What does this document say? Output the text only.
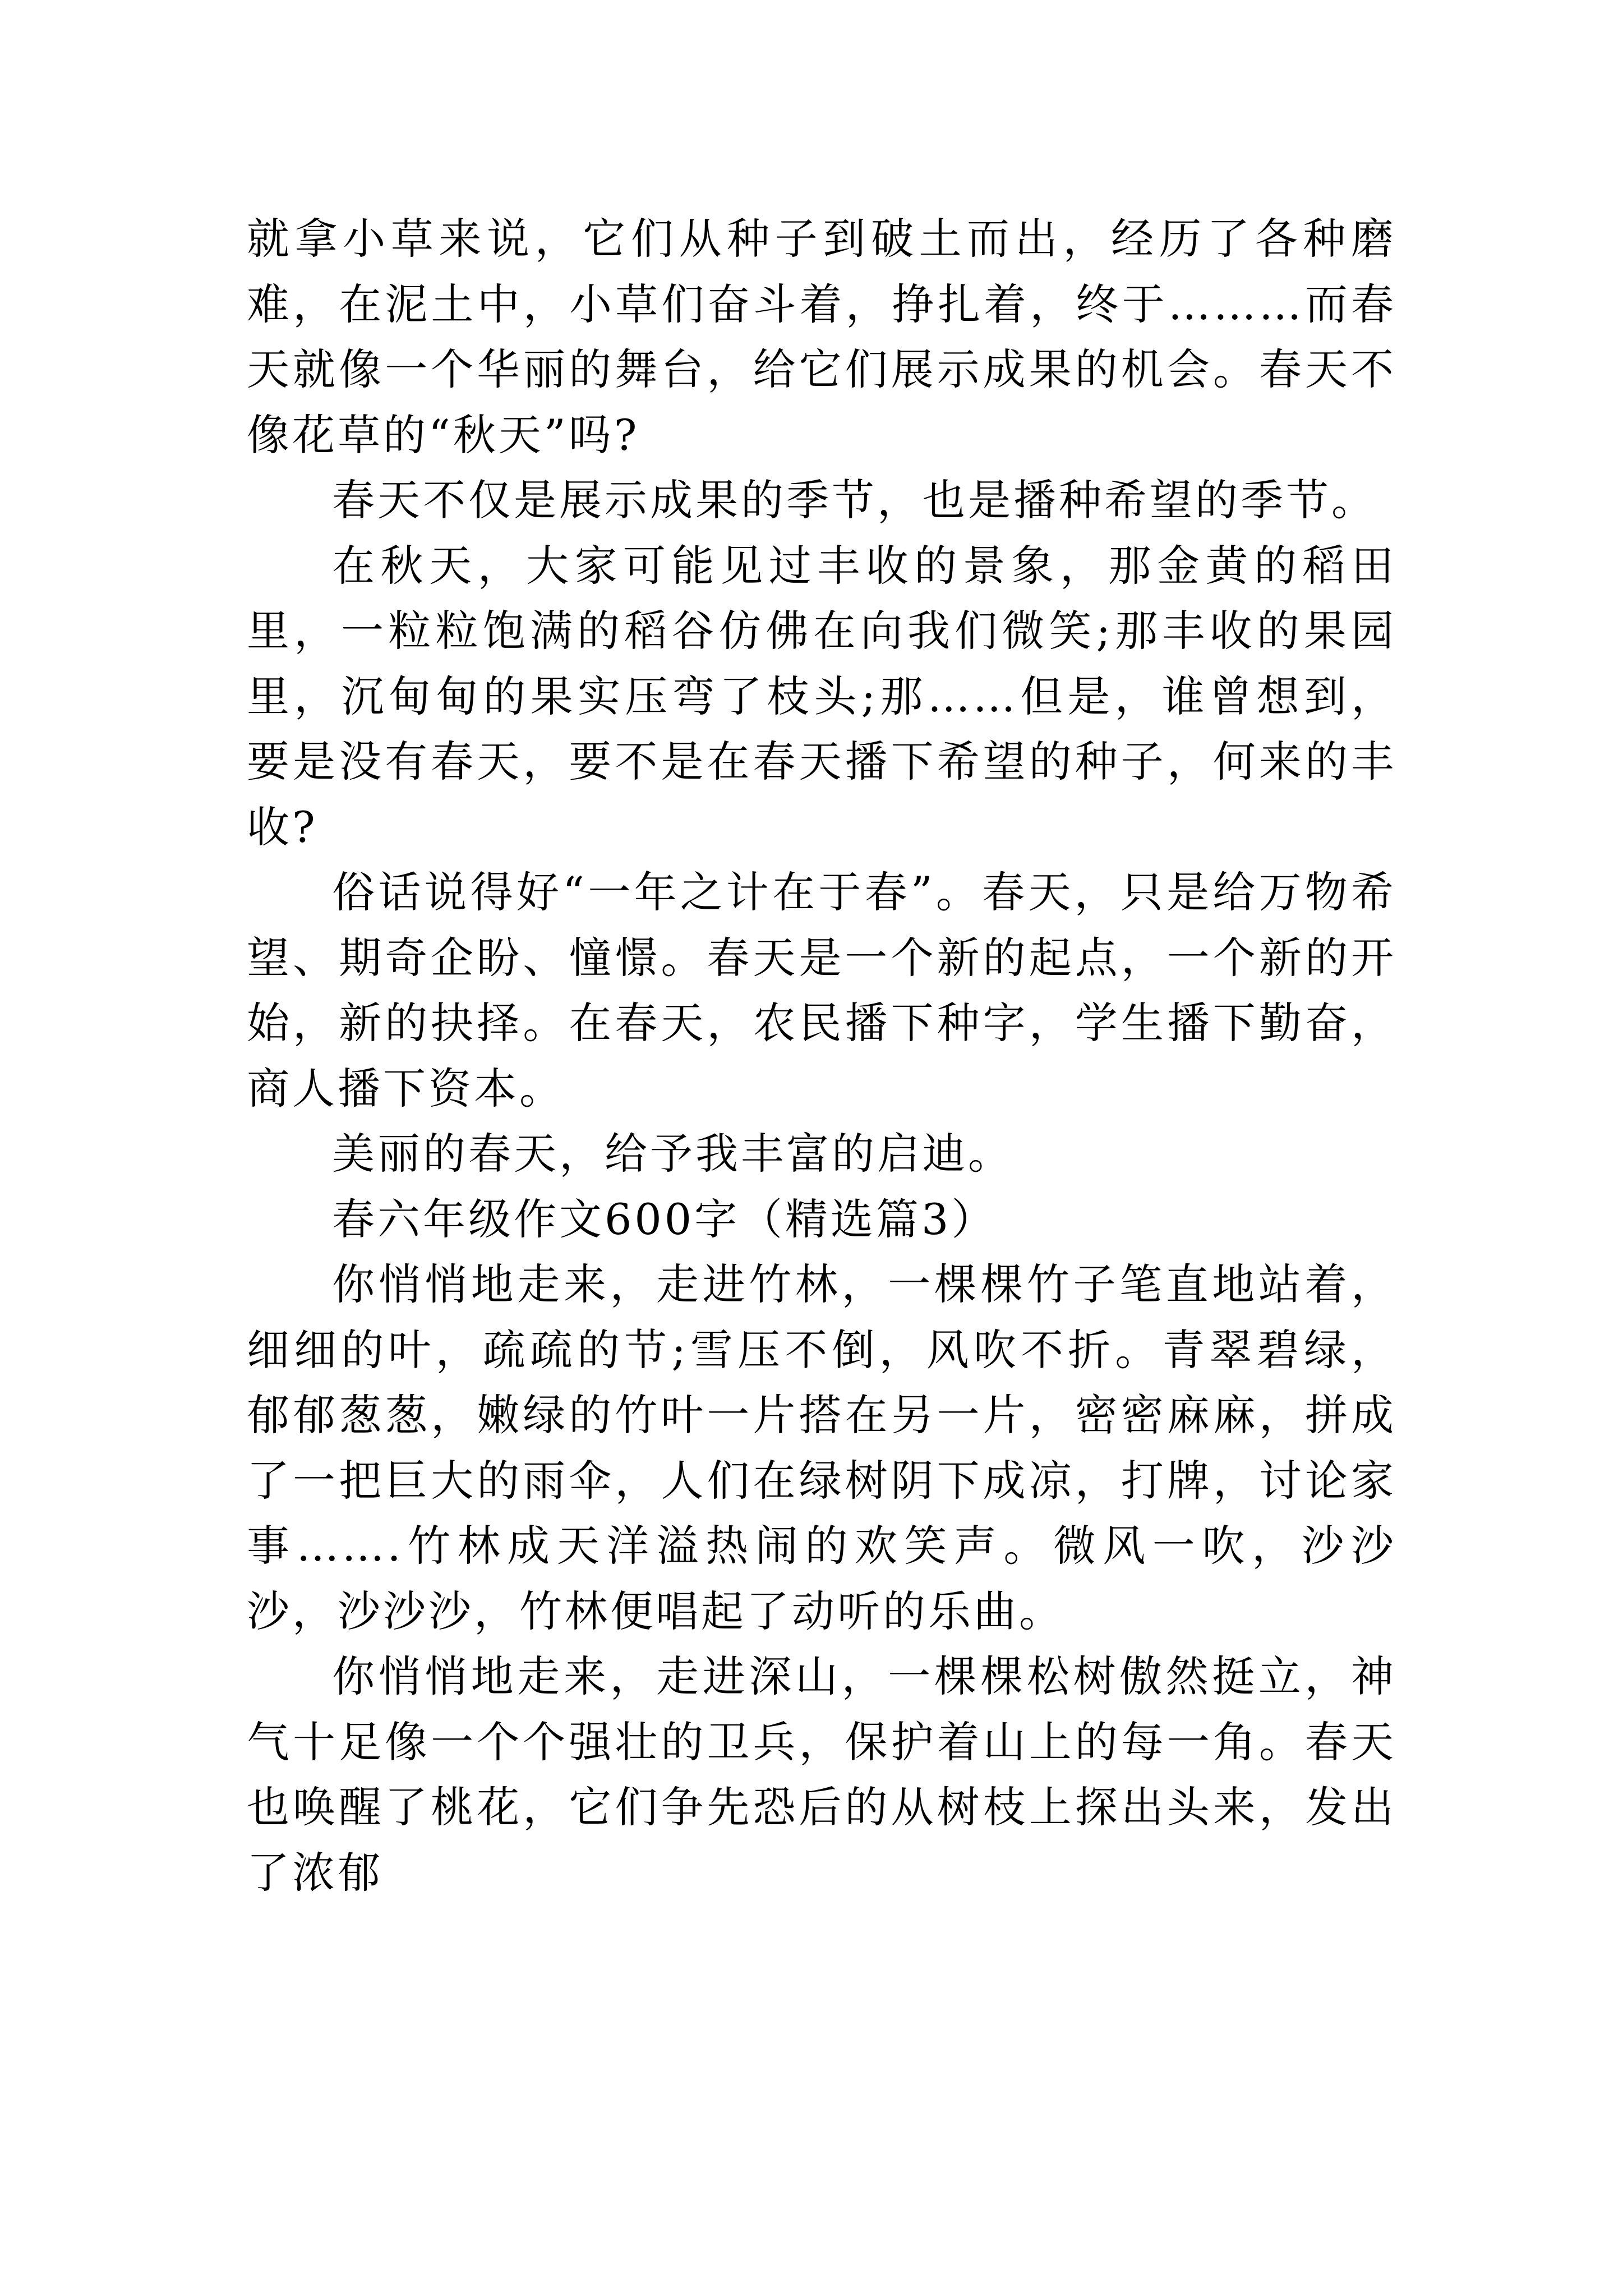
就拿小草来说，它们从种子到破土而出，经历了各种磨难，在泥土中，小草们奋斗着，挣扎着，终于………而春天就像一个华丽的舞台，给它们展示成果的机会。春天不像花草的“秋天”吗?

春天不仅是展示成果的季节，也是播种希望的季节。

在秋天，大家可能见过丰收的景象，那金黄的稻田里，一粒粒饱满的稻谷仿佛在向我们微笑;那丰收的果园里，沉甸甸的果实压弯了枝头;那……但是，谁曾想到，要是没有春天，要不是在春天播下希望的种子，何来的丰收?

俗话说得好“一年之计在于春”。春天，只是给万物希望、期奇企盼、憧憬。春天是一个新的起点，一个新的开始，新的抉择。在春天，农民播下种字，学生播下勤奋，商人播下资本。

美丽的春天，给予我丰富的启迪。

春六年级作文600字（精选篇3）

你悄悄地走来，走进竹林，一棵棵竹子笔直地站着，细细的叶，疏疏的节;雪压不倒，风吹不折。青翠碧绿，郁郁葱葱，嫩绿的竹叶一片搭在另一片，密密麻麻，拼成了一把巨大的雨伞，人们在绿树阴下成凉，打牌，讨论家事…….竹林成天洋溢热闹的欢笑声。微风一吹，沙沙沙，沙沙沙，竹林便唱起了动听的乐曲。

你悄悄地走来，走进深山，一棵棵松树傲然挺立，神气十足像一个个强壮的卫兵，保护着山上的每一角。春天也唤醒了桃花，它们争先恐后的从树枝上探出头来，发出了浓郁
